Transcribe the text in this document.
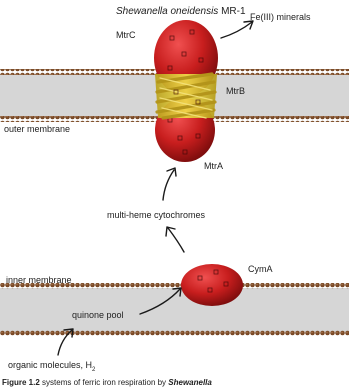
Shewanella oneidensis MR-1 Fe(III) minerals
MtrC
MtrB
outer membrane
MtrA
multi-heme cytochromes
CymA
inner membrane
quinone pool
organic molecules, $H_2$
Figure 1.2 systems of ferric iron respiration by Shewanella
